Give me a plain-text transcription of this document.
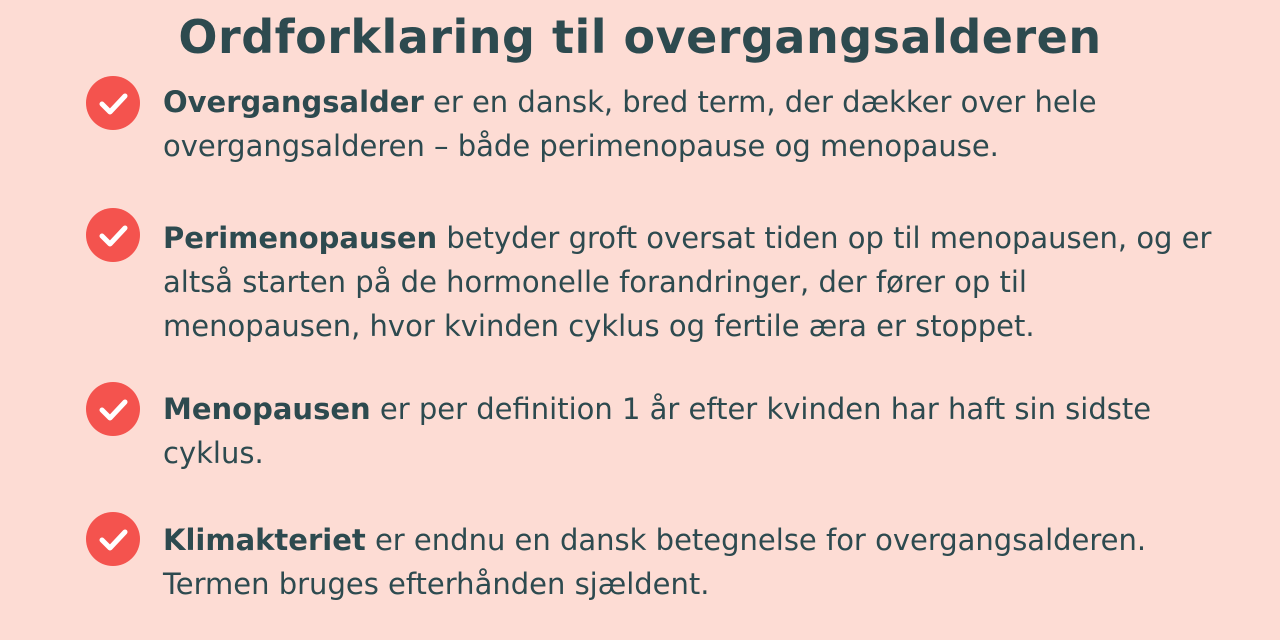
Ordforklaring til overgangsalderen
Overgangsalder er en dansk, bred term, der dækker over hele overgangsalderen – både perimenopause og menopause.
Perimenopausen betyder groft oversat tiden op til menopausen, og er altså starten på de hormonelle forandringer, der fører op til menopausen, hvor kvinden cyklus og fertile æra er stoppet.
Menopausen er per definition 1 år efter kvinden har haft sin sidste cyklus.
Klimakteriet er endnu en dansk betegnelse for overgangsalderen. Termen bruges efterhånden sjældent.
